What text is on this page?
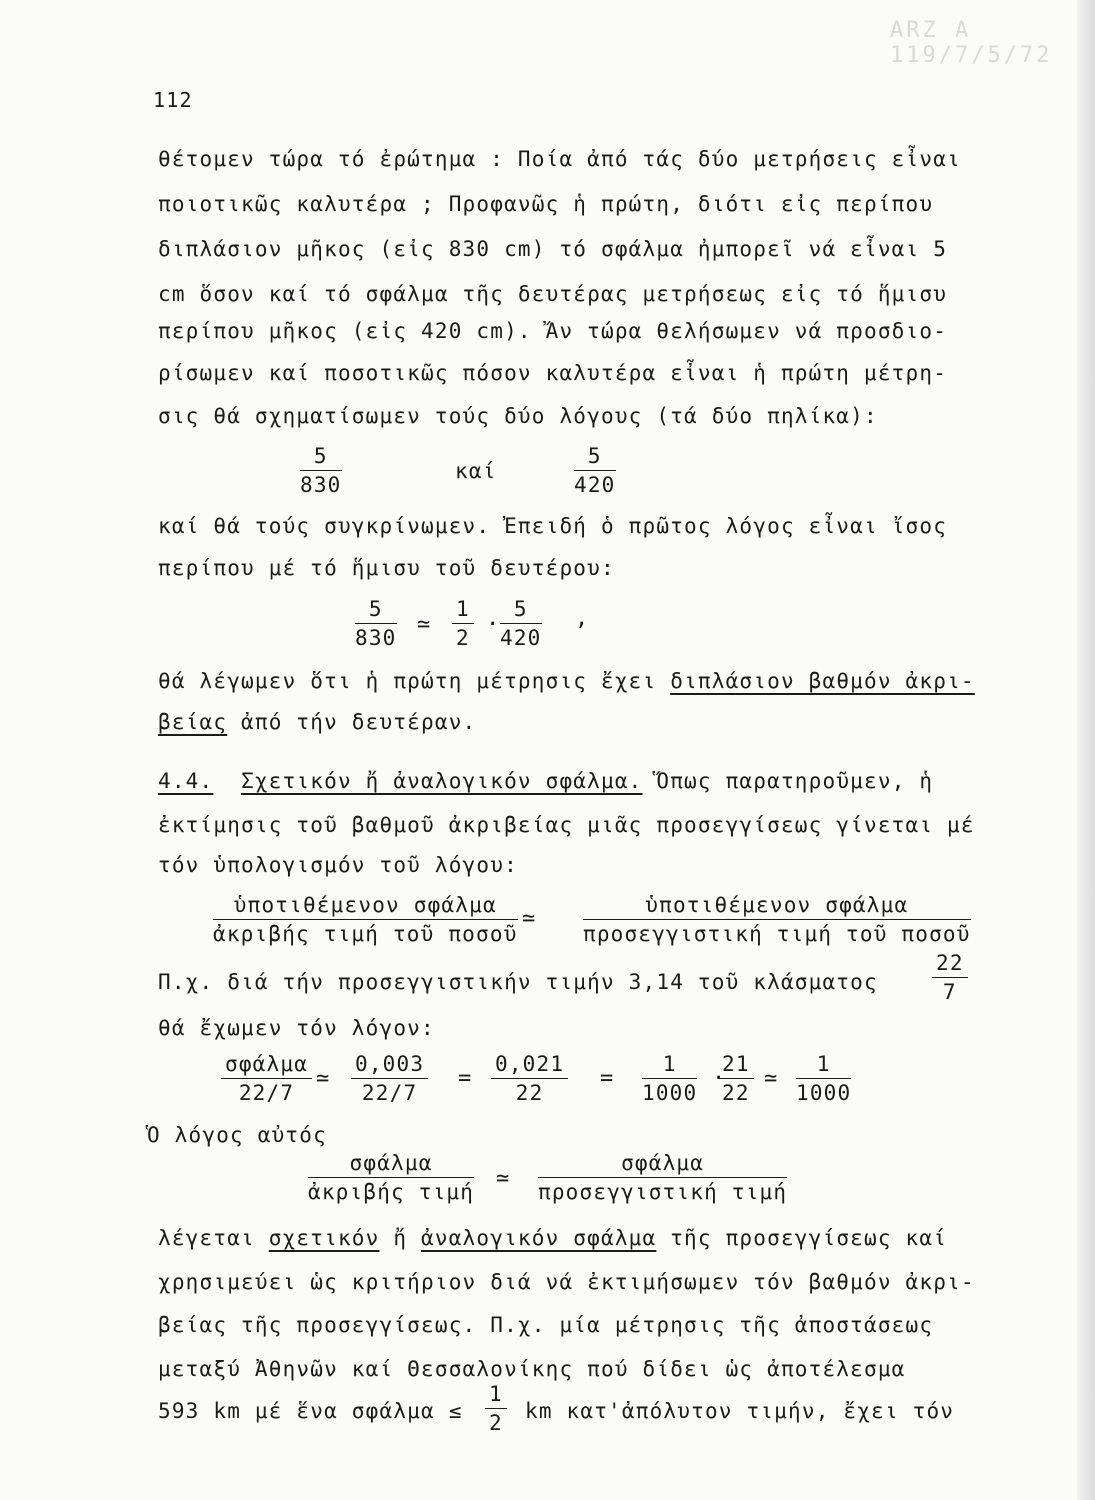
ARZ A 119/7/5/72
112
θέτομεν τώρα τό ἐρώτημα : Ποία ἀπό τάς δύο μετρήσεις εἶναι
ποιοτικῶς καλυτέρα ; Προφανῶς ἡ πρώτη, διότι εἰς περίπου
διπλάσιον μῆκος (εἰς 830 cm) τό σφάλμα ἠμπορεῖ νά εἶναι 5
cm ὅσον καί τό σφάλμα τῆς δευτέρας μετρήσεως εἰς τό ἥμισυ
περίπου μῆκος (εἰς 420 cm). Ἄν τώρα θελήσωμεν νά προσδιο-
ρίσωμεν καί ποσοτικῶς πόσον καλυτέρα εἶναι ἡ πρώτη μέτρη-
σις θά σχηματίσωμεν τούς δύο λόγους (τά δύο πηλίκα):
$\frac{5}{830}$	καί	$\frac{5}{420}$
καί θά τούς συγκρίνωμεν. Ἐπειδή ὁ πρῶτος λόγος εἶναι ἴσος
περίπου μέ τό ἥμισυ τοῦ δευτέρου:
$\frac{5}{830}$ ≃ $\frac{1}{2} \cdot \frac{5}{420}$ ,
θά λέγωμεν ὅτι ἡ πρώτη μέτρησις ἔχει διπλάσιον βαθμόν ἀκρι-
βείας ἀπό τήν δευτέραν.
4.4. Σχετικόν ἤ ἀναλογικόν σφάλμα. Ὅπως παρατηροῦμεν, ἡ
ἐκτίμησις τοῦ βαθμοῦ ἀκριβείας μιᾶς προσεγγίσεως γίνεται μέ
τόν ὑπολογισμόν τοῦ λόγου:
ὑποτιθέμενον σφάλμα
ἀκριβής τιμή τοῦ ποσοῦ
≃
ὑποτιθέμενον σφάλμα
προσεγγιστική τιμή τοῦ ποσοῦ
Π.χ. διά τήν προσεγγιστικήν τιμήν 3,14 τοῦ κλάσματος	$\frac{22}{7}$
θά ἔχωμεν τόν λόγον:
σφάλμα
22/7
≃ $\frac{0,003}{22/7} = \frac{0,021}{22} = \frac{1}{1000}$ ·
$\frac{21}{22}$ ≃ $\frac{1}{1000}$
Ὁ λόγος αὐτός
σφάλμα
ἀκριβής τιμή
≃
σφάλμα
προσεγγιστική τιμή
λέγεται σχετικόν ἤ ἀναλογικόν σφάλμα τῆς προσεγγίσεως καί
χρησιμεύει ὡς κριτήριον διά νά ἐκτιμήσωμεν τόν βαθμόν ἀκρι-
βείας τῆς προσεγγίσεως. Π.χ. μία μέτρησις τῆς ἀποστάσεως
μεταξύ Ἀθηνῶν καί Θεσσαλονίκης πού δίδει ὡς ἀποτέλεσμα
593 km μέ ἕνα $\sigma\varphi ά\lambda\mu\alpha \le \frac{1}{2}$ km κατ'ἀπόλυτον τιμήν, ἔχει τόν
